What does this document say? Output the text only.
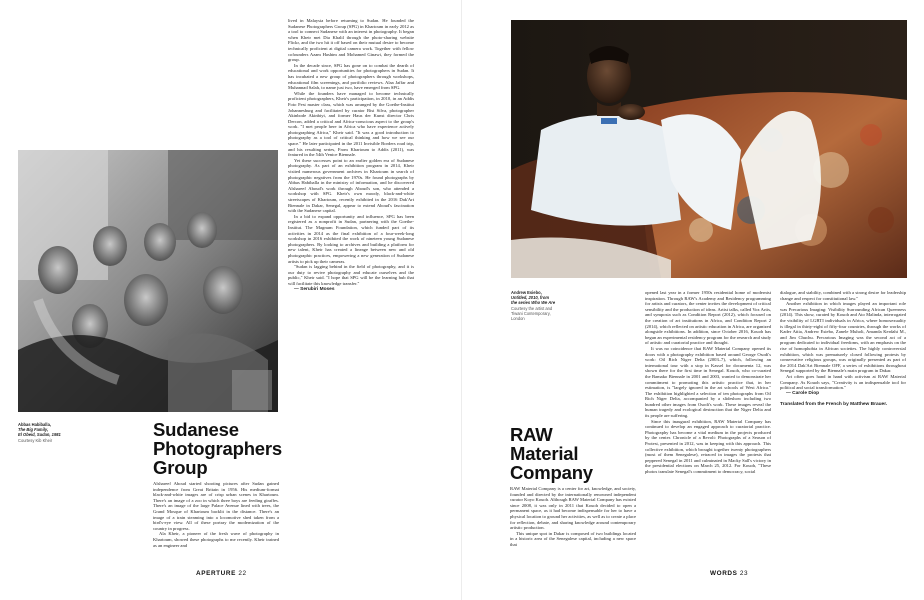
Abbas Habiballa,
The Big Family,
El Obeid, Sudan, 1981
Courtesy Kib Kheir
Sudanese
Photographers
Group

Alshareef Aboud started shooting pictures after Sudan gained independence from Great Britain in 1956. His medium-format black-and-white images are of crisp urban scenes in Khartoum. There's an image of a zoo in which three boys are feeding giraffes. There's an image of the large Palace Avenue lined with trees, the Grand Mosque of Khartoum backlit in the distance. There's an image of a train steaming into a locomotive shed taken from a bird's-eye view. All of these portray the modernization of the country in progress.

Ala Kheir, a pioneer of the fresh wave of photography in Khartoum, showed these photographs to me recently. Kheir trained as an engineer and

lived in Malaysia before returning to Sudan. He founded the Sudanese Photographers Group (SPG) in Khartoum in early 2012 as a tool to connect Sudanese with an interest in photography. It began when Kheir met Dia Khalil through the photo-sharing website Flickr, and the two hit it off based on their mutual desire to become technically proficient at digital camera work. Together with fellow cofounders Azam Hashim and Mohamed Ginawi, they formed the group.

In the decade since, SPG has gone on to combat the dearth of educational and work opportunities for photographers in Sudan. It has incubated a new group of photographers through workshops, educational film screenings, and portfolio reviews. Alaa Jaffar and Muhannad Salah, to name just two, have emerged from SPG.

While the founders have managed to become technically proficient photographers, Kheir's participation, in 2010, in an Addis Foto Fest master class, which was arranged by the Goethe-Institut Johannesburg and facilitated by curator Bisi Silva, photographer Akinbode Akinbiyi, and former Haus der Kunst director Chris Dercon, added a critical and Africa-conscious aspect to the group's work. "I met people here in Africa who have experience actively photographing Africa," Kheir said. "It was a good introduction to photography as a tool of critical thinking and how we see our space." He later participated in the 2011 Invisible Borders road trip, and his resulting series, From Khartoum to Addis (2011), was featured in the 54th Venice Biennale.

Yet these successes point to an earlier golden era of Sudanese photography. As part of an exhibition program in 2014, Kheir visited numerous government archives in Khartoum in search of photographic negatives from the 1970s. He found photographs by Abbas Habiballa in the ministry of information, and he discovered Alshareef Aboud's work through Aboud's son, who attended a workshop with SPG. Kheir's own moody, black-and-white streetscapes of Khartoum, recently exhibited in the 2016 Dak'Art Biennale in Dakar, Senegal, appear to extend Aboud's fascination with the Sudanese capital.

In a bid to expand opportunity and influence, SPG has been registered as a nonprofit in Sudan, partnering with the Goethe-Institut. The Magnum Foundation, which funded part of its activities in 2014 as the final exhibition of a four-week-long workshop in 2016 exhibited the work of nineteen young Sudanese photographers. By looking to archives and building a platform for new talent, Kheir has created a lineage between new and old photographic practices, empowering a new generation of Sudanese artists to pick up their cameras.

"Sudan is lagging behind in the field of photography, and it is our duty to revive photography and educate ourselves and the public," Kheir said. "I hope that SPG will be the learning hub that will facilitate this knowledge transfer."

— Serubiri Moses
APERTURE 22
Andrew Esiebo,
Untitled, 2010, from
the series Who We Are
Courtesy the artist and
Tiwani Contemporary,
London
RAW
Material
Company

RAW Material Company is a center for art, knowledge, and society, founded and directed by the internationally renowned independent curator Koyo Kouoh. Although RAW Material Company has existed since 2008, it was only in 2011 that Kouoh decided to open a permanent space, as it had become indispensable for her to have a physical location to ground her activities, as well as to create a place for reflection, debate, and sharing knowledge around contemporary artistic production.

This unique spot in Dakar is composed of two buildings located in a historic area of the Senegalese capital, including a new space that

opened last year in a former 1950s residential home of modernist inspiration. Through RAW's Academy and Residency programming for artists and curators, the center invites the development of critical sensibility and the production of ideas. Artist talks, called Vox Artis, and symposia such as Condition Report (2012), which focused on the creation of art institutions in Africa, and Condition Report 2 (2014), which reflected on artistic education in Africa, are organized alongside exhibitions. In addition, since October 2016, Kouoh has begun an experimental residency program for the research and study of artistic and curatorial practice and thought.

It was no coincidence that RAW Material Company opened its doors with a photography exhibition based around George Osodi's work: Oil Rich Niger Delta (2003–7), which, following an international tour with a stop in Kassel for documenta 12, was shown there for the first time in Senegal. Kouoh, who co-curated the Bamako Biennale in 2001 and 2003, wanted to demonstrate her commitment to promoting this artistic practice that, in her estimation, is "largely ignored in the art schools of West Africa." The exhibition highlighted a selection of ten photographs from Oil Rich Niger Delta, accompanied by a slideshow including two hundred other images from Osodi's work. These images reveal the human tragedy and ecological destruction that the Niger Delta and its people are suffering.

Since this inaugural exhibition, RAW Material Company has continued to develop an engaged approach to curatorial practice. Photography has become a vital medium in the projects produced by the center. Chronicle of a Revolt: Photographs of a Season of Protest, presented in 2012, was in keeping with this approach. This collective exhibition, which brought together twenty photographers (most of them Senegalese), retraced in images the protests that peppered Senegal in 2011 and culminated in Macky Sall's victory in the presidential elections on March 25, 2012. For Kouoh, "These photos translate Senegal's commitment to democracy, social

dialogue, and stability, combined with a strong desire for leadership change and respect for constitutional law."

Another exhibition in which images played an important role was Precarious Imaging: Visibility Surrounding African Queerness (2014). This show, curated by Kouoh and Ato Malinda, interrogated the visibility of LGBTI individuals in Africa, where homosexuality is illegal in thirty-eight of fifty-four countries, through the works of Kader Attia, Andrew Esiebo, Zanele Muholi, Amanda Kerdahi M., and Jim Chuchu. Precarious Imaging was the second act of a program dedicated to individual freedoms, with an emphasis on the rise of homophobia in African societies. The highly controversial exhibition, which was prematurely closed following protests by conservative religious groups, was originally presented as part of the 2014 Dak'Art Biennale OFF, a series of exhibitions throughout Senegal supported by the Biennale's main program in Dakar.

Art often goes hand in hand with activism at RAW Material Company. As Kouoh says, "Creativity is an indispensable tool for political and social transformation."

— Carole Diop
Translated from the French by Matthew Brauer.
WORDS 23
